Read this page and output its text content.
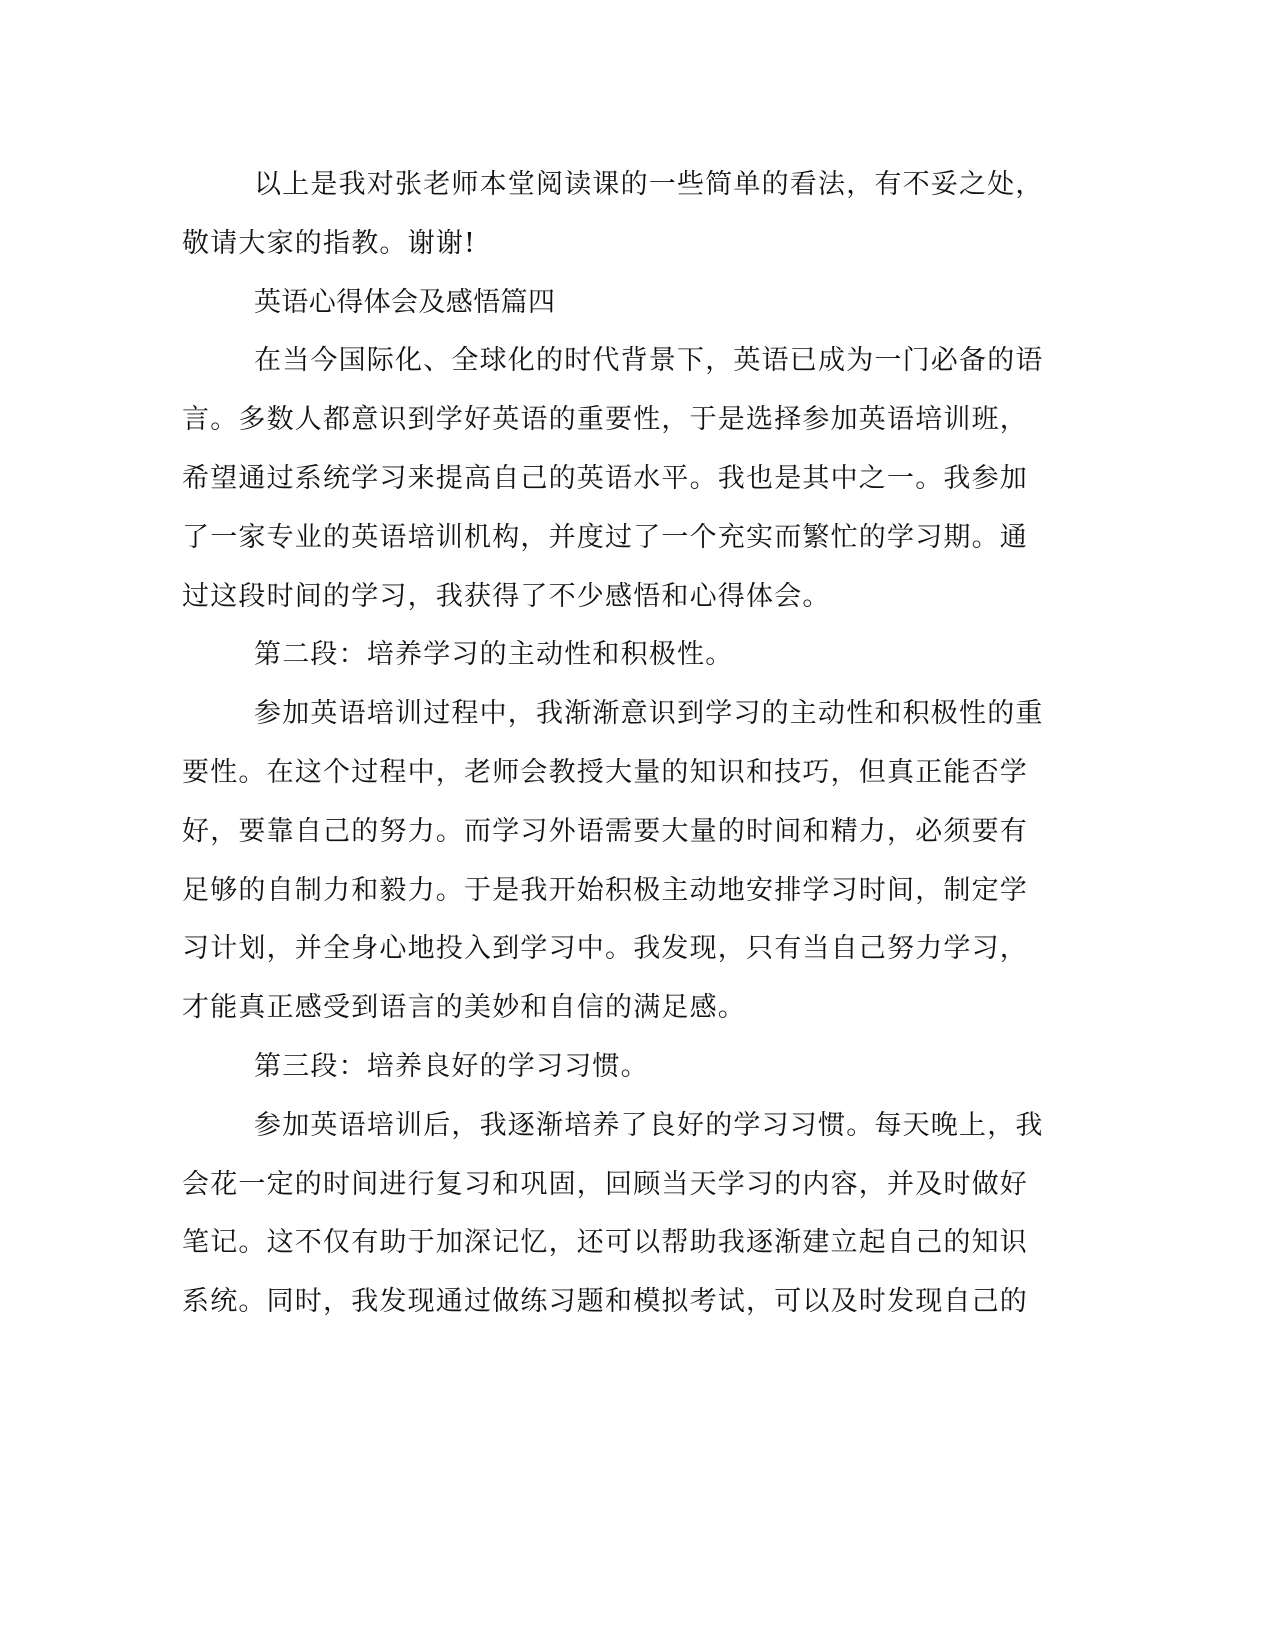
以上是我对张老师本堂阅读课的一些简单的看法，有不妥之处，
敬请大家的指教。谢谢!
英语心得体会及感悟篇四
在当今国际化、全球化的时代背景下，英语已成为一门必备的语
言。多数人都意识到学好英语的重要性，于是选择参加英语培训班，
希望通过系统学习来提高自己的英语水平。我也是其中之一。我参加
了一家专业的英语培训机构，并度过了一个充实而繁忙的学习期。通
过这段时间的学习，我获得了不少感悟和心得体会。
第二段：培养学习的主动性和积极性。
参加英语培训过程中，我渐渐意识到学习的主动性和积极性的重
要性。在这个过程中，老师会教授大量的知识和技巧，但真正能否学
好，要靠自己的努力。而学习外语需要大量的时间和精力，必须要有
足够的自制力和毅力。于是我开始积极主动地安排学习时间，制定学
习计划，并全身心地投入到学习中。我发现，只有当自己努力学习，
才能真正感受到语言的美妙和自信的满足感。
第三段：培养良好的学习习惯。
参加英语培训后，我逐渐培养了良好的学习习惯。每天晚上，我
会花一定的时间进行复习和巩固，回顾当天学习的内容，并及时做好
笔记。这不仅有助于加深记忆，还可以帮助我逐渐建立起自己的知识
系统。同时，我发现通过做练习题和模拟考试，可以及时发现自己的
